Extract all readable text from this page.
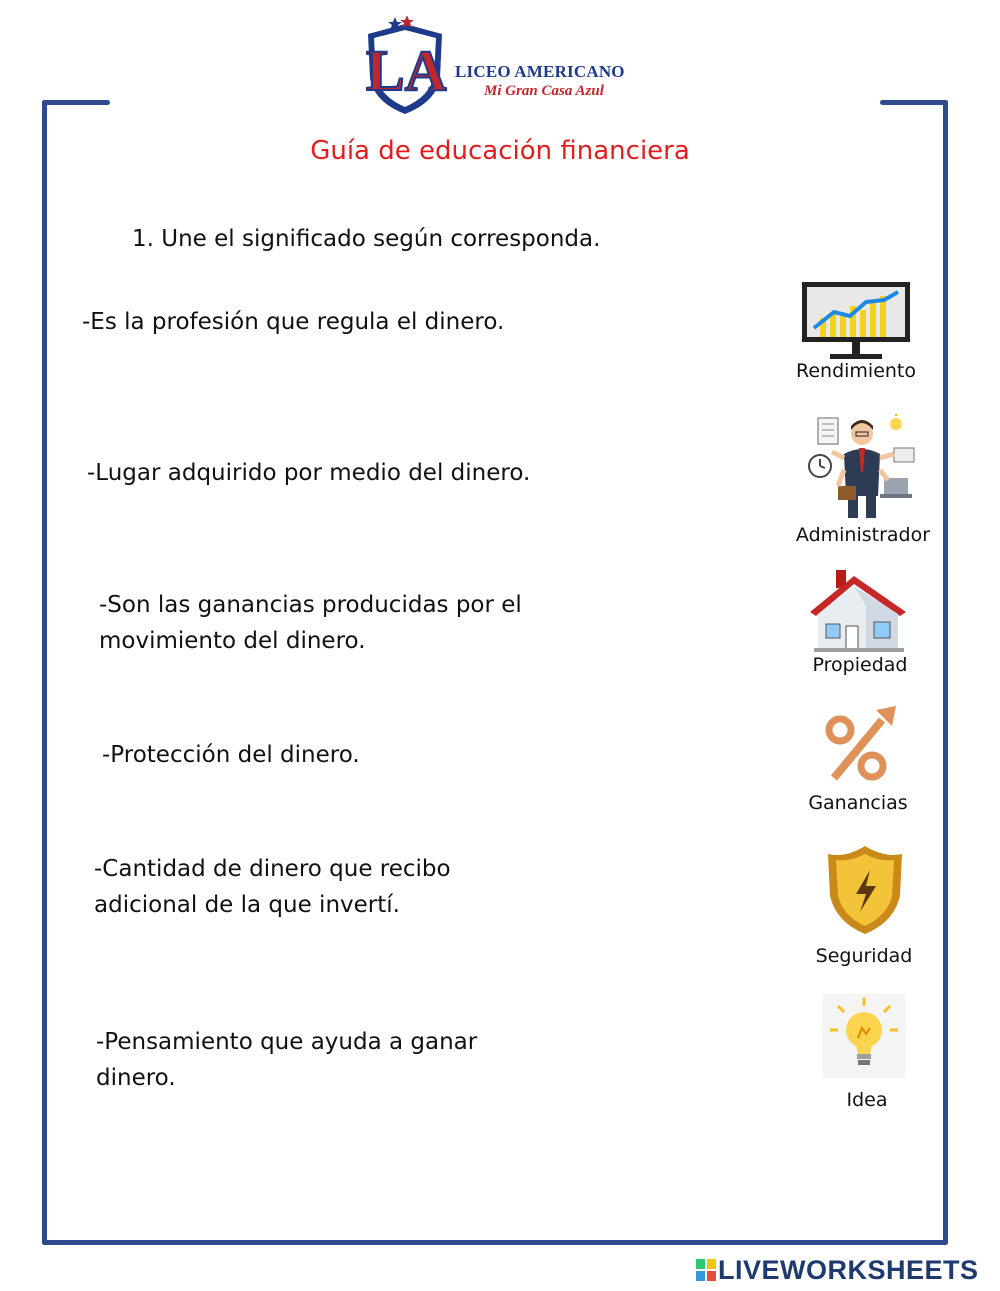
LA LICEO AMERICANO
Mi Gran Casa Azul
Guía de educación financiera
1. Une el significado según corresponda.
-Es la profesión que regula el dinero.
-Lugar adquirido por medio del dinero.
-Son las ganancias producidas por el
movimiento del dinero.
-Protección del dinero.
-Cantidad de dinero que recibo
adicional de la que invertí.
-Pensamiento que ayuda a ganar
dinero.
Rendimiento
Administrador
Propiedad
Ganancias
Seguridad
Idea
LIVEWORKSHEETS
